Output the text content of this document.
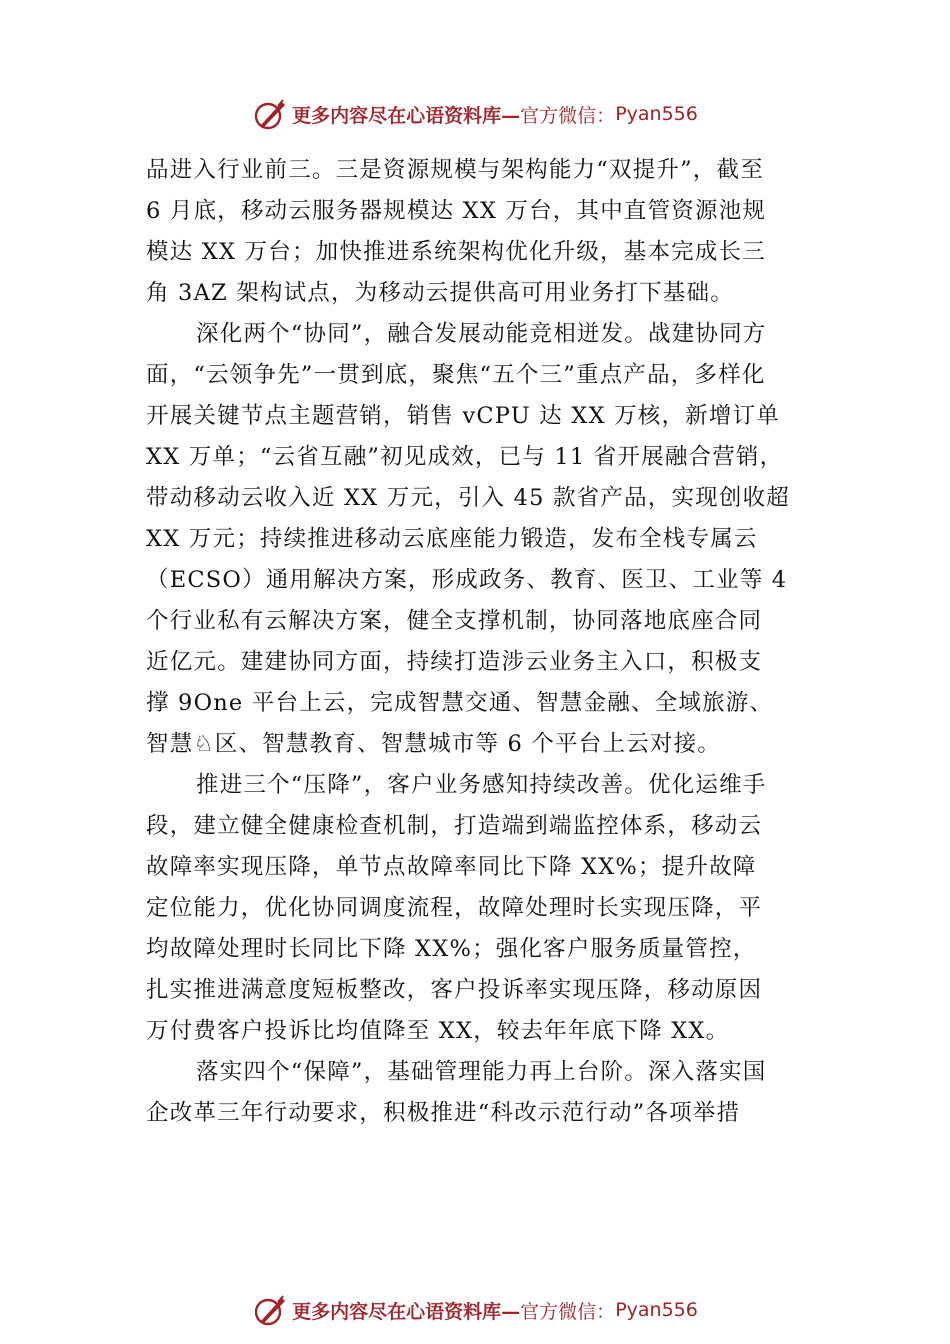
更多内容尽在心语资料库— 官方微信： Pyan556
品进入行业前三。三是资源规模与架构能力“双提升”，截至
6 月底，移动云服务器规模达 XX 万台，其中直管资源池规
模达 XX 万台；加快推进系统架构优化升级，基本完成长三
角 3AZ 架构试点，为移动云提供高可用业务打下基础。
深化两个“协同”，融合发展动能竞相迸发。战建协同方
面，“云领争先”一贯到底，聚焦“五个三”重点产品，多样化
开展关键节点主题营销，销售 vCPU 达 XX 万核，新增订单
XX 万单；“云省互融”初见成效，已与 11 省开展融合营销，
带动移动云收入近 XX 万元，引入 45 款省产品，实现创收超
XX 万元；持续推进移动云底座能力锻造，发布全栈专属云
（ECSO）通用解决方案，形成政务、教育、医卫、工业等 4
个行业私有云解决方案，健全支撑机制，协同落地底座合同
近亿元。建建协同方面，持续打造涉云业务主入口，积极支
撑 9One 平台上云，完成智慧交通、智慧金融、全域旅游、
智慧♘区、智慧教育、智慧城市等 6 个平台上云对接。
推进三个“压降”，客户业务感知持续改善。优化运维手
段，建立健全健康检查机制，打造端到端监控体系，移动云
故障率实现压降，单节点故障率同比下降 XX%；提升故障
定位能力，优化协同调度流程，故障处理时长实现压降，平
均故障处理时长同比下降 XX%；强化客户服务质量管控，
扎实推进满意度短板整改，客户投诉率实现压降，移动原因
万付费客户投诉比均值降至 XX，较去年年底下降 XX。
落实四个“保障”，基础管理能力再上台阶。深入落实国
企改革三年行动要求，积极推进“科改示范行动”各项举措
更多内容尽在心语资料库— 官方微信： Pyan556
